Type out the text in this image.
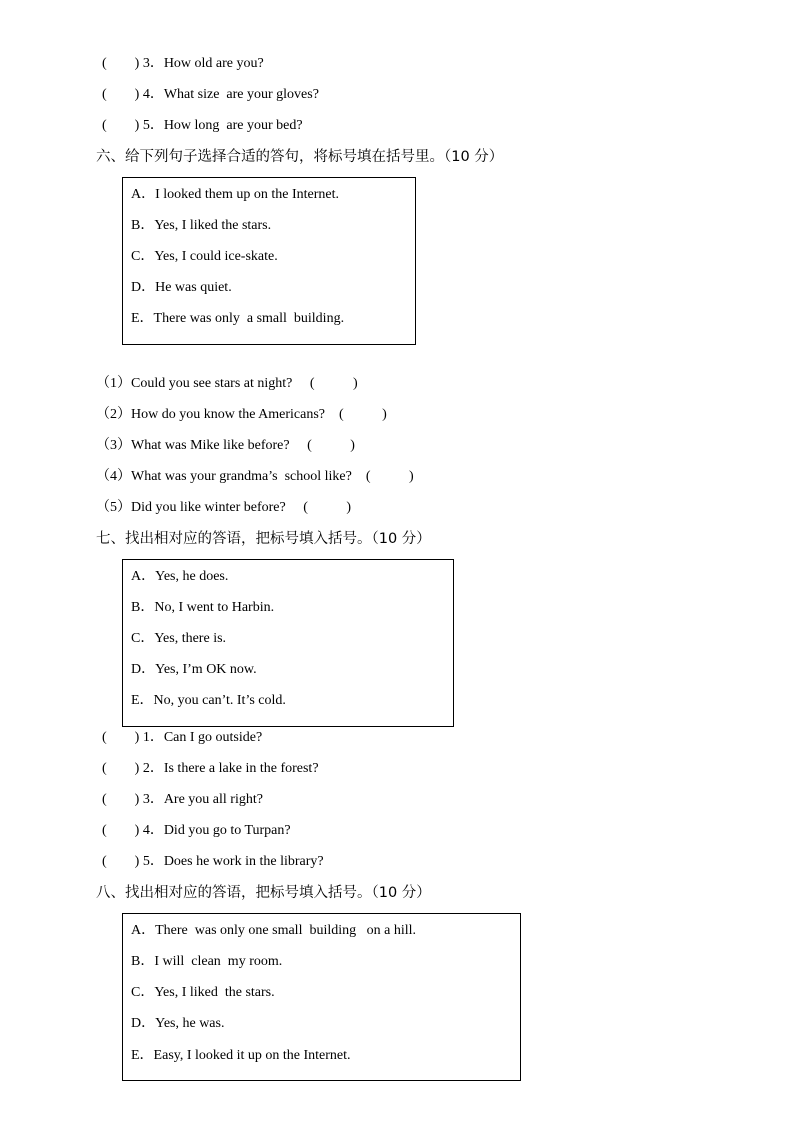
(        ) 3．How old are you?
(        ) 4．What size  are your gloves?
(        ) 5．How long  are your bed?
六、给下列句子选择合适的答句，将标号填在括号里。（10 分）
A．I looked them up on the Internet.
B．Yes, I liked the stars.
C．Yes, I could ice-skate.
D．He was quiet.
E．There was only  a small  building.
（1）Could you see stars at night?     (           )
（2）How do you know the Americans?    (           )
（3）What was Mike like before?     (           )
（4）What was your grandma’s  school like?    (           )
（5）Did you like winter before?     (           )
七、找出相对应的答语，把标号填入括号。（10 分）
A．Yes, he does.
B．No, I went to Harbin.
C．Yes, there is.
D．Yes, I’m OK now.
E．No, you can’t. It’s cold.
(        ) 1．Can I go outside?
(        ) 2．Is there a lake in the forest?
(        ) 3．Are you all right?
(        ) 4．Did you go to Turpan?
(        ) 5．Does he work in the library?
八、找出相对应的答语，把标号填入括号。（10 分）
A．There  was only one small  building   on a hill.
B．I will  clean  my room.
C．Yes, I liked  the stars.
D．Yes, he was.
E．Easy, I looked it up on the Internet.
